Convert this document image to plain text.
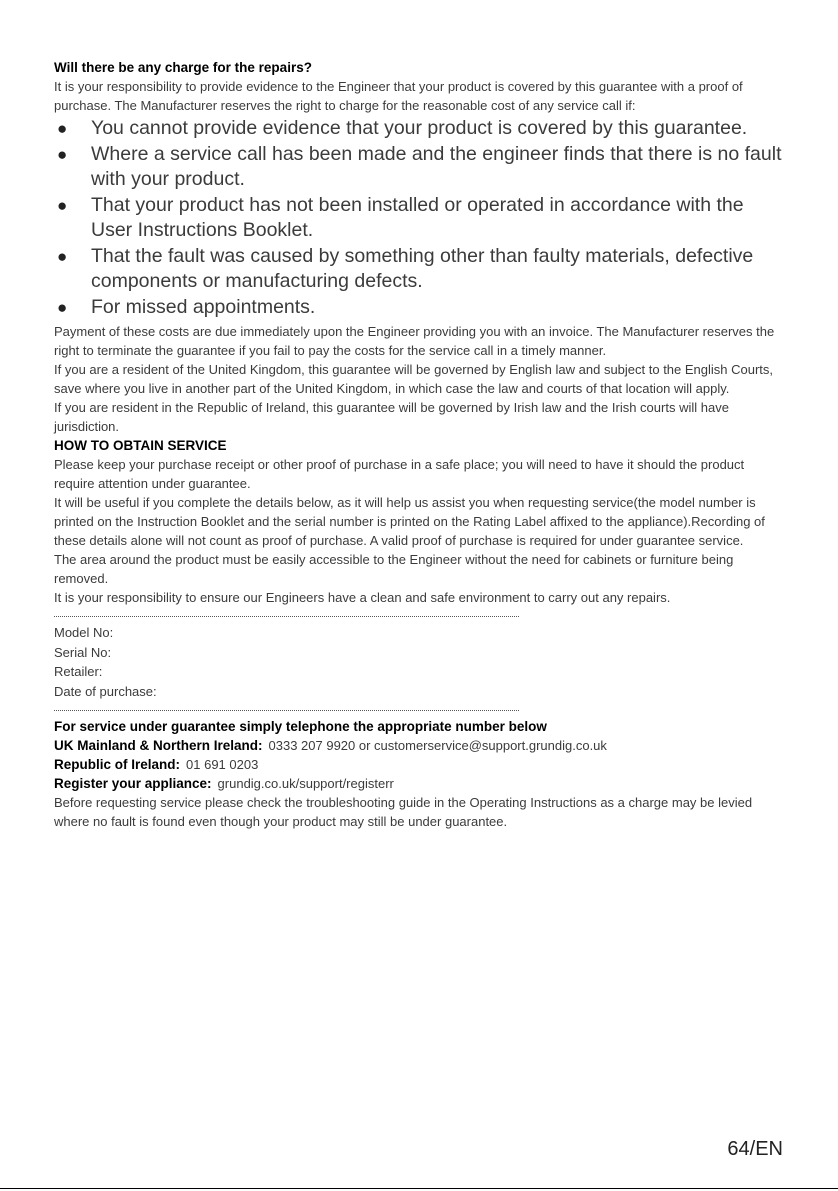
Will there be any charge for the repairs?

It is your responsibility to provide evidence to the Engineer that your product is covered by this guarantee with a proof of purchase. The Manufacturer reserves the right to charge for the reasonable cost of any service call if:

● You cannot provide evidence that your product is covered by this guarantee.
● Where a service call has been made and the engineer finds that there is no fault with your product.
● That your product has not been installed or operated in accordance with the User Instructions Booklet.
● That the fault was caused by something other than faulty materials, defective components or manufacturing defects.
● For missed appointments.

Payment of these costs are due immediately upon the Engineer providing you with an invoice. The Manufacturer reserves the right to terminate the guarantee if you fail to pay the costs for the service call in a timely manner.

If you are a resident of the United Kingdom, this guarantee will be governed by English law and subject to the English Courts, save where you live in another part of the United Kingdom, in which case the law and courts of that location will apply.

If you are resident in the Republic of Ireland, this guarantee will be governed by Irish law and the Irish courts will have jurisdiction.

HOW TO OBTAIN SERVICE

Please keep your purchase receipt or other proof of purchase in a safe place; you will need to have it should the product require attention under guarantee.

It will be useful if you complete the details below, as it will help us assist you when requesting service(the model number is printed on the Instruction Booklet and the serial number is printed on the Rating Label affixed to the appliance).Recording of these details alone will not count as proof of purchase. A valid proof of purchase is required for under guarantee service.

The area around the product must be easily accessible to the Engineer without the need for cabinets or furniture being removed.

It is your responsibility to ensure our Engineers have a clean and safe environment to carry out any repairs.

Model No:

Serial No:

Retailer:

Date of purchase:

For service under guarantee simply telephone the appropriate number below

UK Mainland & Northern Ireland: 0333 207 9920 or customerservice@support.grundig.co.uk

Republic of Ireland: 01 691 0203

Register your appliance: grundig.co.uk/support/registerr

Before requesting service please check the troubleshooting guide in the Operating Instructions as a charge may be levied where no fault is found even though your product may still be under guarantee.

64/EN
